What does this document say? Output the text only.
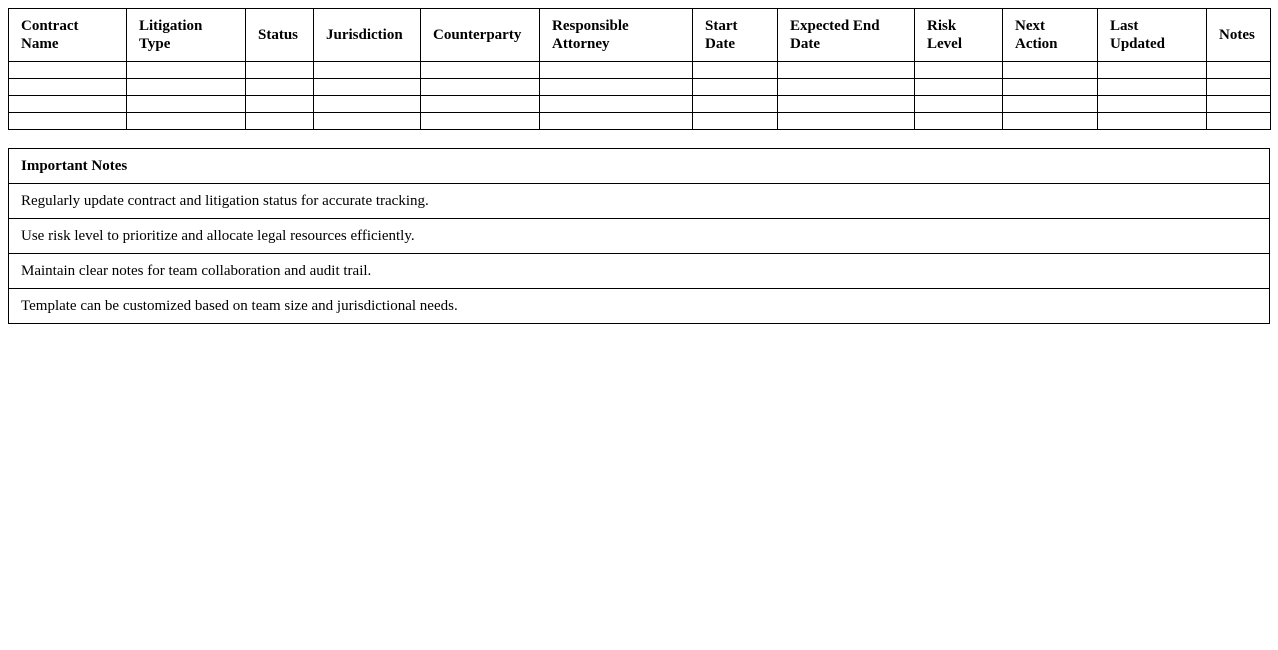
Contract Name	Litigation Type	Status	Jurisdiction	Counterparty	Responsible Attorney	Start Date	Expected End Date	Risk Level	Next Action	Last Updated	Notes

Important Notes
Regularly update contract and litigation status for accurate tracking.
Use risk level to prioritize and allocate legal resources efficiently.
Maintain clear notes for team collaboration and audit trail.
Template can be customized based on team size and jurisdictional needs.
